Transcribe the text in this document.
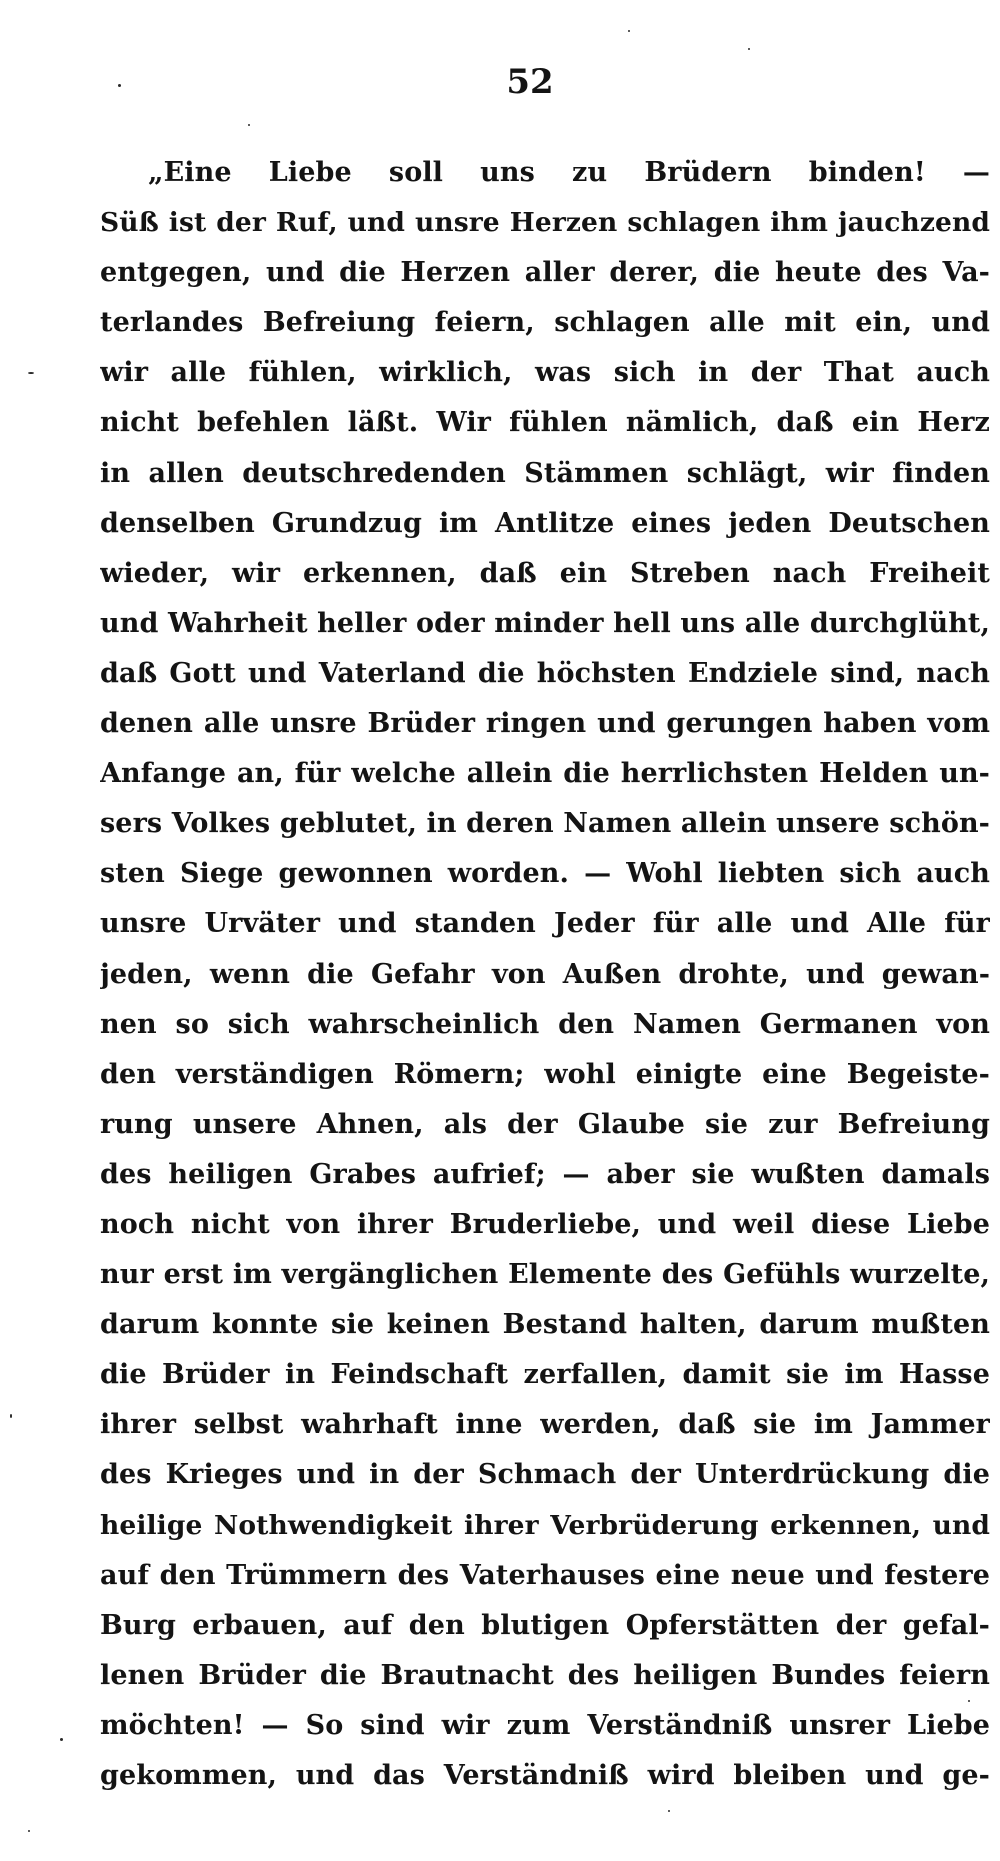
52
„Eine Liebe soll uns zu Brüdern binden! —
Süß ist der Ruf, und unsre Herzen schlagen ihm jauchzend
entgegen, und die Herzen aller derer, die heute des Va-
terlandes Befreiung feiern, schlagen alle mit ein, und
wir alle fühlen, wirklich, was sich in der That auch
nicht befehlen läßt. Wir fühlen nämlich, daß ein Herz
in allen deutschredenden Stämmen schlägt, wir finden
denselben Grundzug im Antlitze eines jeden Deutschen
wieder, wir erkennen, daß ein Streben nach Freiheit
und Wahrheit heller oder minder hell uns alle durchglüht,
daß Gott und Vaterland die höchsten Endziele sind, nach
denen alle unsre Brüder ringen und gerungen haben vom
Anfange an, für welche allein die herrlichsten Helden un-
sers Volkes geblutet, in deren Namen allein unsere schön-
sten Siege gewonnen worden. — Wohl liebten sich auch
unsre Urväter und standen Jeder für alle und Alle für
jeden, wenn die Gefahr von Außen drohte, und gewan-
nen so sich wahrscheinlich den Namen Germanen von
den verständigen Römern; wohl einigte eine Begeiste-
rung unsere Ahnen, als der Glaube sie zur Befreiung
des heiligen Grabes aufrief; — aber sie wußten damals
noch nicht von ihrer Bruderliebe, und weil diese Liebe
nur erst im vergänglichen Elemente des Gefühls wurzelte,
darum konnte sie keinen Bestand halten, darum mußten
die Brüder in Feindschaft zerfallen, damit sie im Hasse
ihrer selbst wahrhaft inne werden, daß sie im Jammer
des Krieges und in der Schmach der Unterdrückung die
heilige Nothwendigkeit ihrer Verbrüderung erkennen, und
auf den Trümmern des Vaterhauses eine neue und festere
Burg erbauen, auf den blutigen Opferstätten der gefal-
lenen Brüder die Brautnacht des heiligen Bundes feiern
möchten! — So sind wir zum Verständniß unsrer Liebe
gekommen, und das Verständniß wird bleiben und ge-
